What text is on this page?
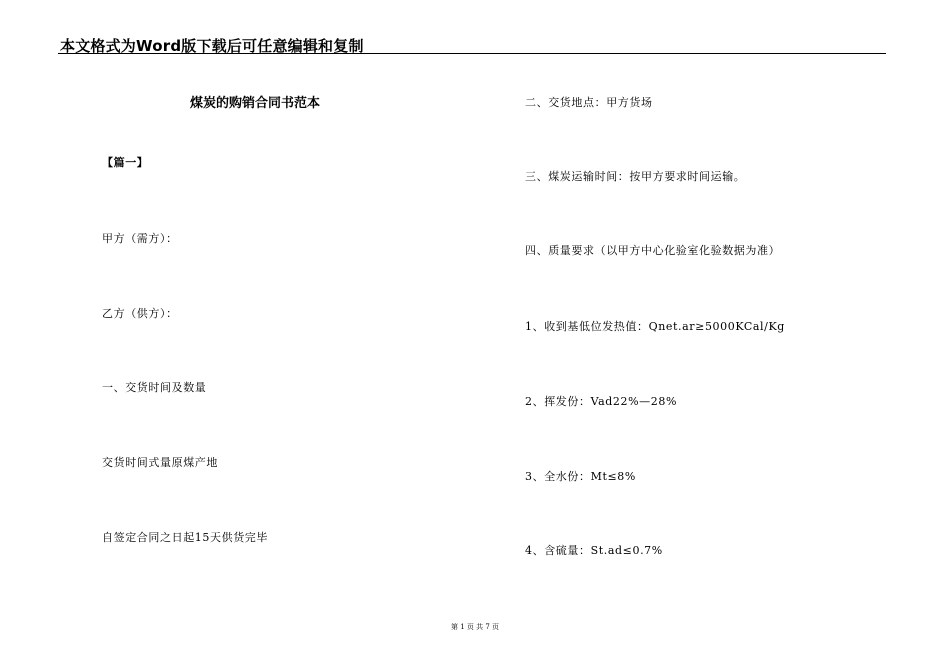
本文格式为Word版下载后可任意编辑和复制
煤炭的购销合同书范本
【篇一】
甲方（需方）：
乙方（供方）：
一、交货时间及数量
交货时间式量原煤产地
自签定合同之日起15天供货完毕
二、交货地点：甲方货场
三、煤炭运输时间：按甲方要求时间运输。
四、质量要求（以甲方中心化验室化验数据为准）
1、收到基低位发热值：Qnet.ar≥5000KCal/Kg
2、挥发份：Vad22%—28%
3、全水份：Mt≤8%
4、含硫量：St.ad≤0.7%
第 1 页 共 7 页
